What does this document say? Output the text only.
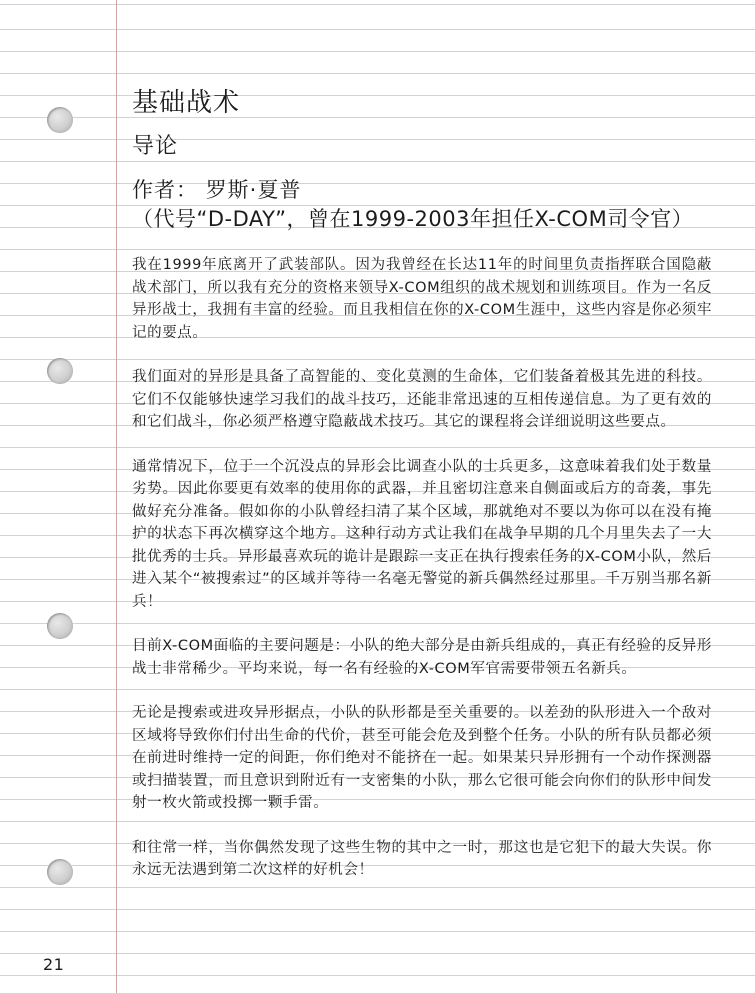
基础战术
导论
作者： 罗斯·夏普
（代号“D-DAY”，曾在1999-2003年担任X-COM司令官）

我在1999年底离开了武装部队。因为我曾经在长达11年的时间里负责指挥联合国隐蔽战术部门，所以我有充分的资格来领导X-COM组织的战术规划和训练项目。作为一名反异形战士，我拥有丰富的经验。而且我相信在你的X-COM生涯中，这些内容是你必须牢记的要点。

我们面对的异形是具备了高智能的、变化莫测的生命体，它们装备着极其先进的科技。它们不仅能够快速学习我们的战斗技巧，还能非常迅速的互相传递信息。为了更有效的和它们战斗，你必须严格遵守隐蔽战术技巧。其它的课程将会详细说明这些要点。

通常情况下，位于一个沉没点的异形会比调查小队的士兵更多，这意味着我们处于数量劣势。因此你要更有效率的使用你的武器，并且密切注意来自侧面或后方的奇袭，事先做好充分准备。假如你的小队曾经扫清了某个区域，那就绝对不要以为你可以在没有掩护的状态下再次横穿这个地方。这种行动方式让我们在战争早期的几个月里失去了一大批优秀的士兵。异形最喜欢玩的诡计是跟踪一支正在执行搜索任务的X-COM小队，然后进入某个“被搜索过”的区域并等待一名毫无警觉的新兵偶然经过那里。千万别当那名新兵！

目前X-COM面临的主要问题是：小队的绝大部分是由新兵组成的，真正有经验的反异形战士非常稀少。平均来说，每一名有经验的X-COM军官需要带领五名新兵。

无论是搜索或进攻异形据点，小队的队形都是至关重要的。以差劲的队形进入一个敌对区域将导致你们付出生命的代价，甚至可能会危及到整个任务。小队的所有队员都必须在前进时维持一定的间距，你们绝对不能挤在一起。如果某只异形拥有一个动作探测器或扫描装置，而且意识到附近有一支密集的小队，那么它很可能会向你们的队形中间发射一枚火箭或投掷一颗手雷。

和往常一样，当你偶然发现了这些生物的其中之一时，那这也是它犯下的最大失误。你永远无法遇到第二次这样的好机会！

21
